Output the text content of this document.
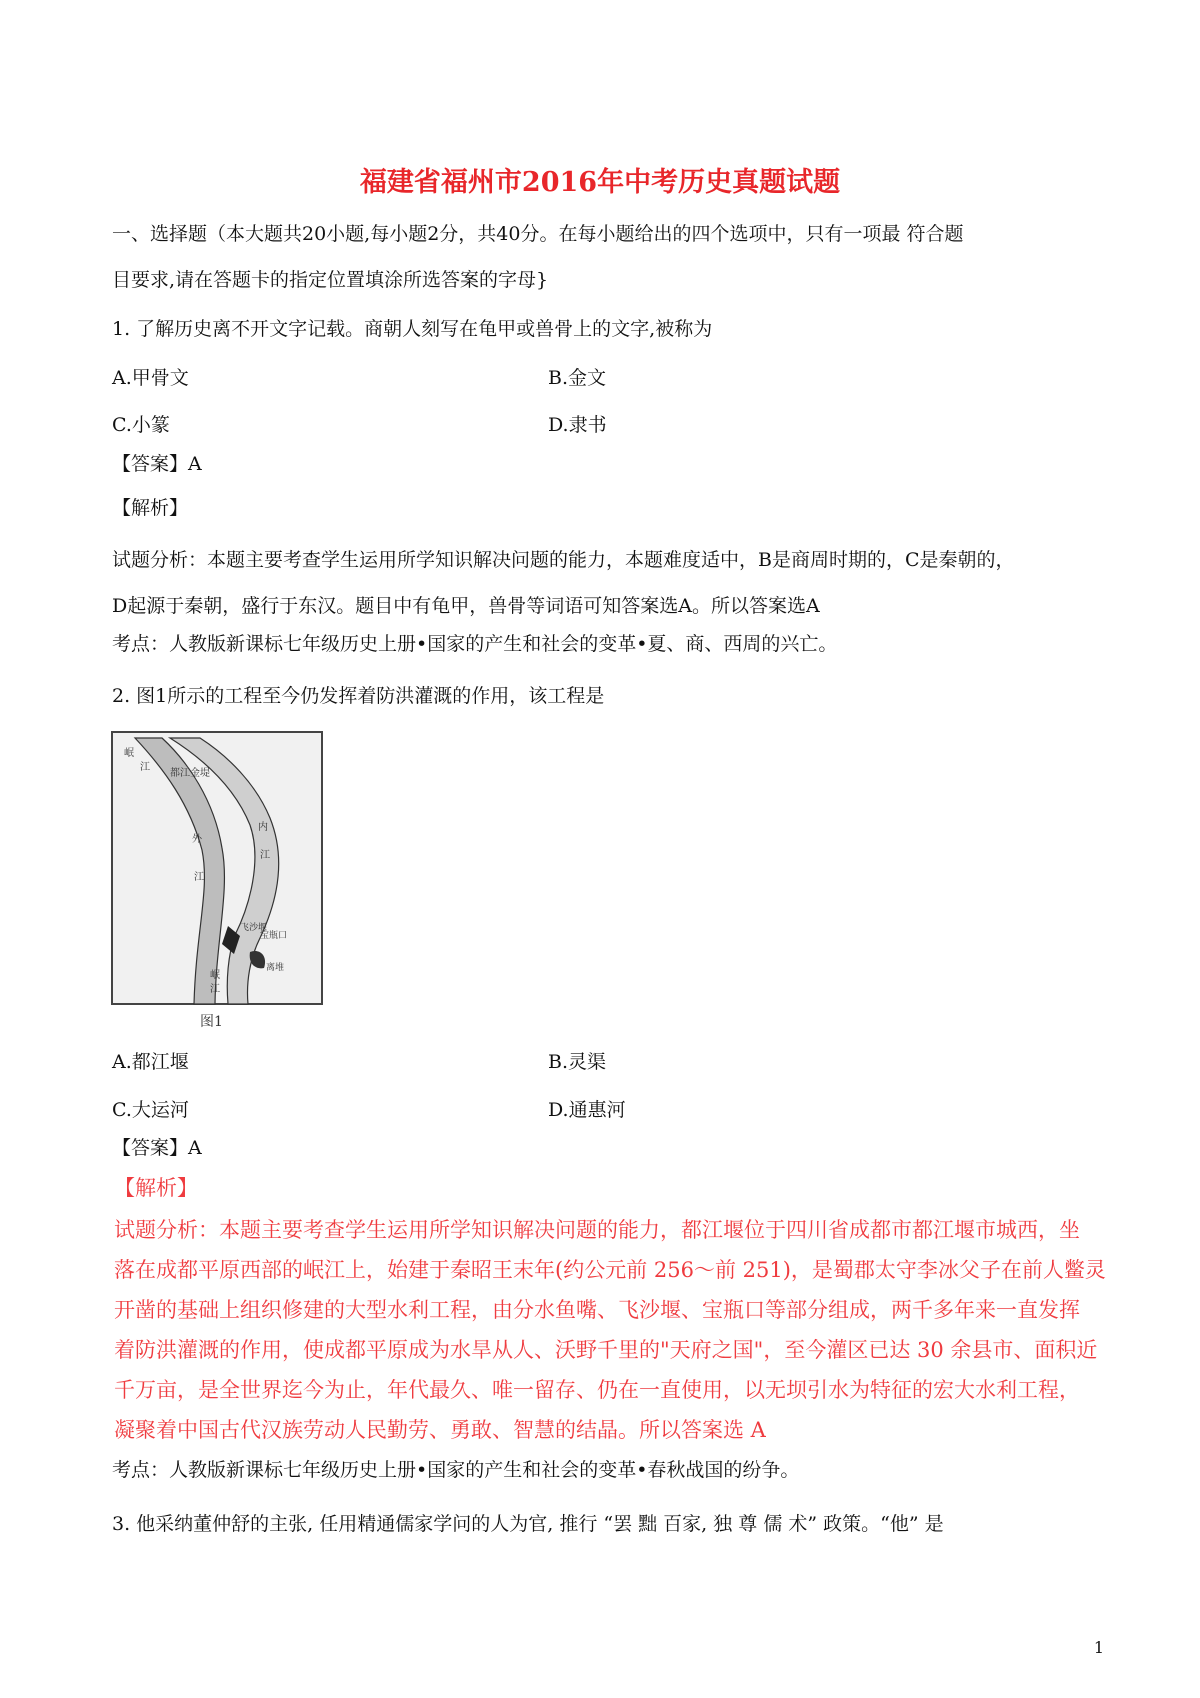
福建省福州市2016年中考历史真题试题
一、选择题（本大题共20小题,每小题2分，共40分。在每小题给出的四个选项中，只有一项最 符合题
目要求,请在答题卡的指定位置填涂所选答案的字母}
1. 了解历史离不开文字记载。商朝人刻写在龟甲或兽骨上的文字,被称为
A.甲骨文	B.金文
C.小篆	D.隶书
【答案】A
【解析】
试题分析：本题主要考查学生运用所学知识解决问题的能力，本题难度适中，B是商周时期的，C是秦朝的，
D起源于秦朝，盛行于东汉。题目中有龟甲，兽骨等词语可知答案选A。所以答案选A
考点：人教版新课标七年级历史上册•国家的产生和社会的变革•夏、商、西周的兴亡。
2. 图1所示的工程至今仍发挥着防洪灌溉的作用，该工程是
岷
江
都江金堤
内
江
外
江
飞沙堰
宝瓶口
离堆
岷
江
图1
A.都江堰	B.灵渠
C.大运河	D.通惠河
【答案】A
【解析】
试题分析：本题主要考查学生运用所学知识解决问题的能力，都江堰位于四川省成都市都江堰市城西，坐
落在成都平原西部的岷江上，始建于秦昭王末年(约公元前 256～前 251)，是蜀郡太守李冰父子在前人鳖灵
开凿的基础上组织修建的大型水利工程，由分水鱼嘴、飞沙堰、宝瓶口等部分组成，两千多年来一直发挥
着防洪灌溉的作用，使成都平原成为水旱从人、沃野千里的"天府之国"，至今灌区已达 30 余县市、面积近
千万亩，是全世界迄今为止，年代最久、唯一留存、仍在一直使用，以无坝引水为特征的宏大水利工程，
凝聚着中国古代汉族劳动人民勤劳、勇敢、智慧的结晶。所以答案选 A
考点：人教版新课标七年级历史上册•国家的产生和社会的变革•春秋战国的纷争。
3. 他采纳董仲舒的主张, 任用精通儒家学问的人为官, 推行 “罢 黜 百家, 独 尊 儒 术” 政策。“他” 是
1
